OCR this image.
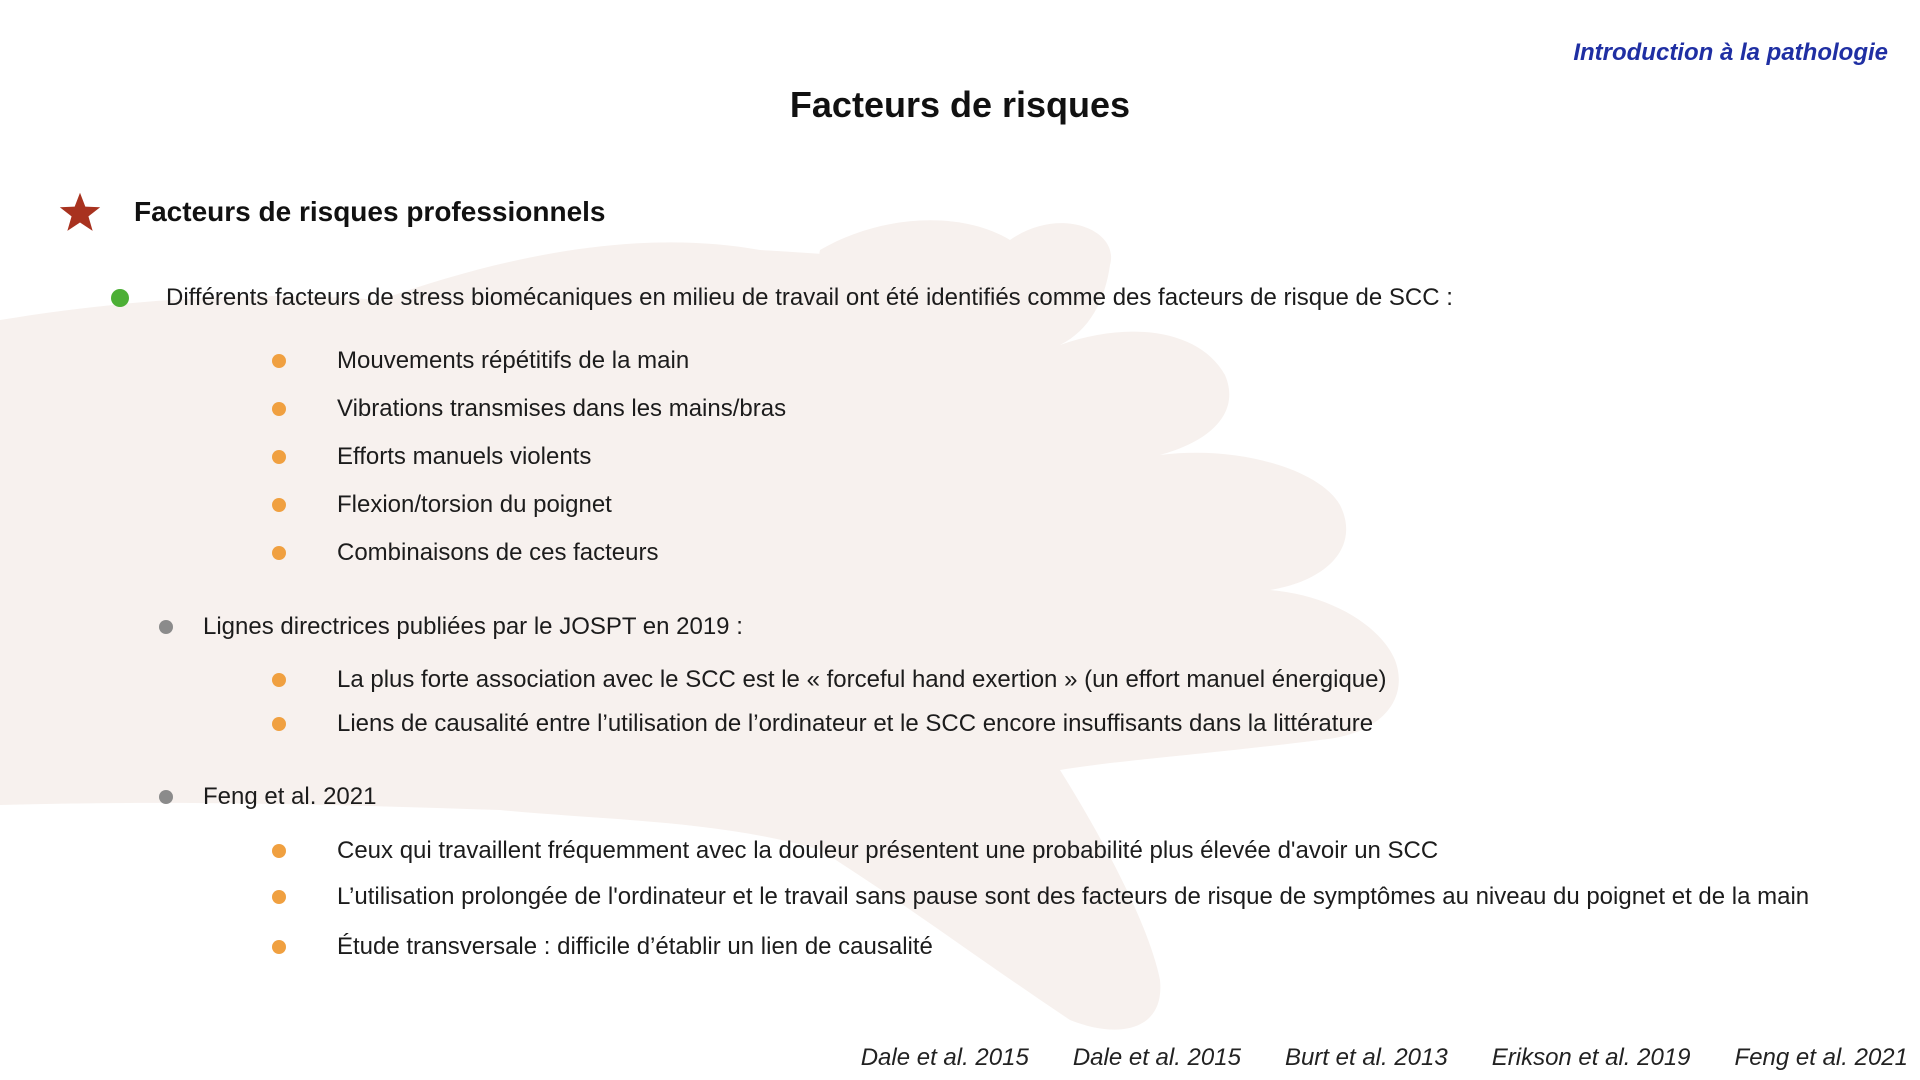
Introduction à la pathologie
Facteurs de risques
Facteurs de risques professionnels
Différents facteurs de stress biomécaniques en milieu de travail ont été identifiés comme des facteurs de risque de SCC :
Mouvements répétitifs de la main
Vibrations transmises dans les mains/bras
Efforts manuels violents
Flexion/torsion du poignet
Combinaisons de ces facteurs
Lignes directrices publiées par le JOSPT en 2019 :
La plus forte association avec le SCC est le « forceful hand exertion » (un effort manuel énergique)
Liens de causalité entre l’utilisation de l’ordinateur et le SCC encore insuffisants dans la littérature
Feng et al. 2021
Ceux qui travaillent fréquemment avec la douleur présentent une probabilité plus élevée d'avoir un SCC
L’utilisation prolongée de l'ordinateur et le travail sans pause sont des facteurs de risque de symptômes au niveau du poignet et de la main
Étude transversale : difficile d’établir un lien de causalité
Dale et al. 2015 Dale et al. 2015 Burt et al. 2013 Erikson et al. 2019 Feng et al. 2021
